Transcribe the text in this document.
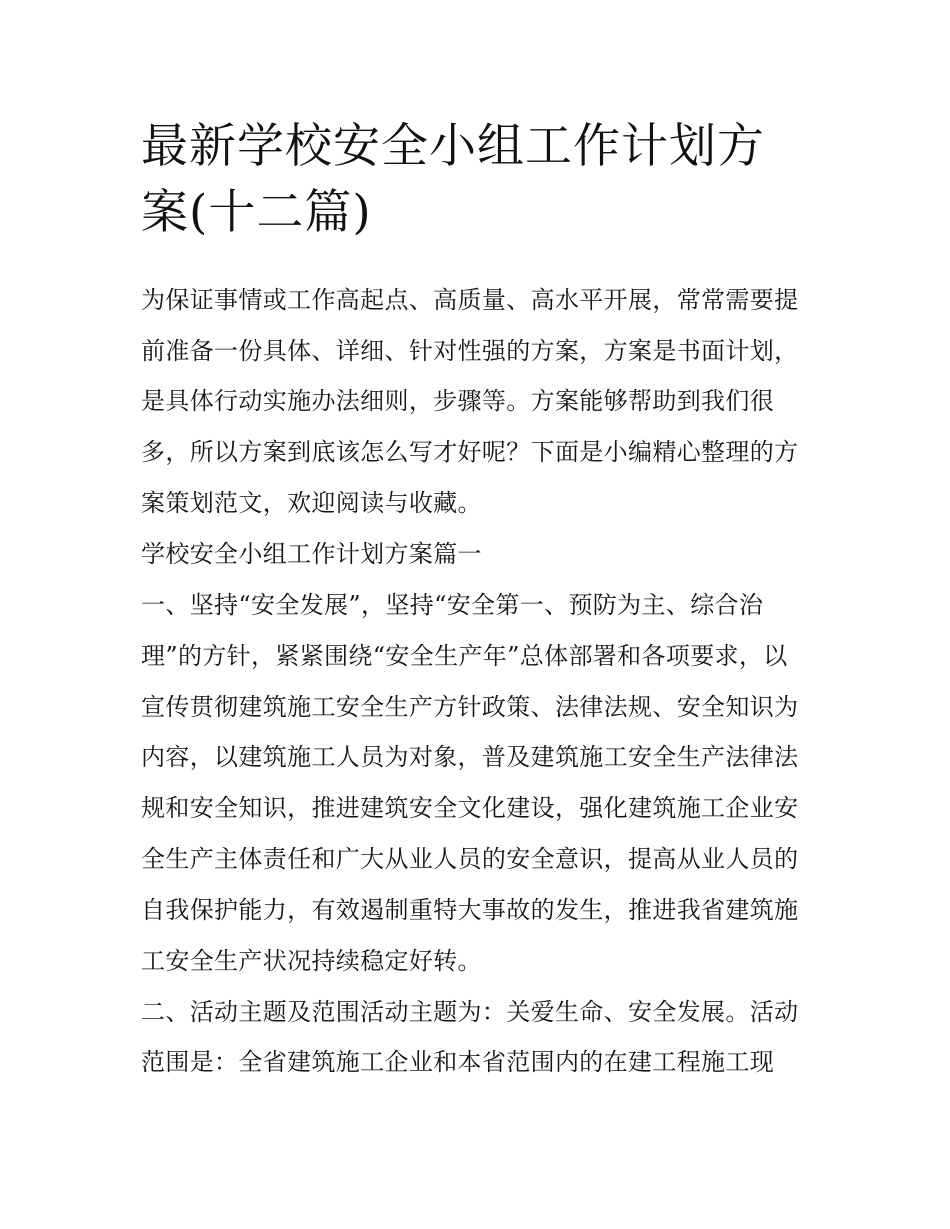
最新学校安全小组工作计划方
案(十二篇)

为保证事情或工作高起点、高质量、高水平开展，常常需要提

前准备一份具体、详细、针对性强的方案，方案是书面计划，

是具体行动实施办法细则，步骤等。方案能够帮助到我们很

多，所以方案到底该怎么写才好呢？下面是小编精心整理的方

案策划范文，欢迎阅读与收藏。

学校安全小组工作计划方案篇一

一、坚持“安全发展”，坚持“安全第一、预防为主、综合治

理”的方针，紧紧围绕“安全生产年”总体部署和各项要求，以

宣传贯彻建筑施工安全生产方针政策、法律法规、安全知识为

内容，以建筑施工人员为对象，普及建筑施工安全生产法律法

规和安全知识，推进建筑安全文化建设，强化建筑施工企业安

全生产主体责任和广大从业人员的安全意识，提高从业人员的

自我保护能力，有效遏制重特大事故的发生，推进我省建筑施

工安全生产状况持续稳定好转。

二、活动主题及范围活动主题为：关爱生命、安全发展。活动

范围是：全省建筑施工企业和本省范围内的在建工程施工现
